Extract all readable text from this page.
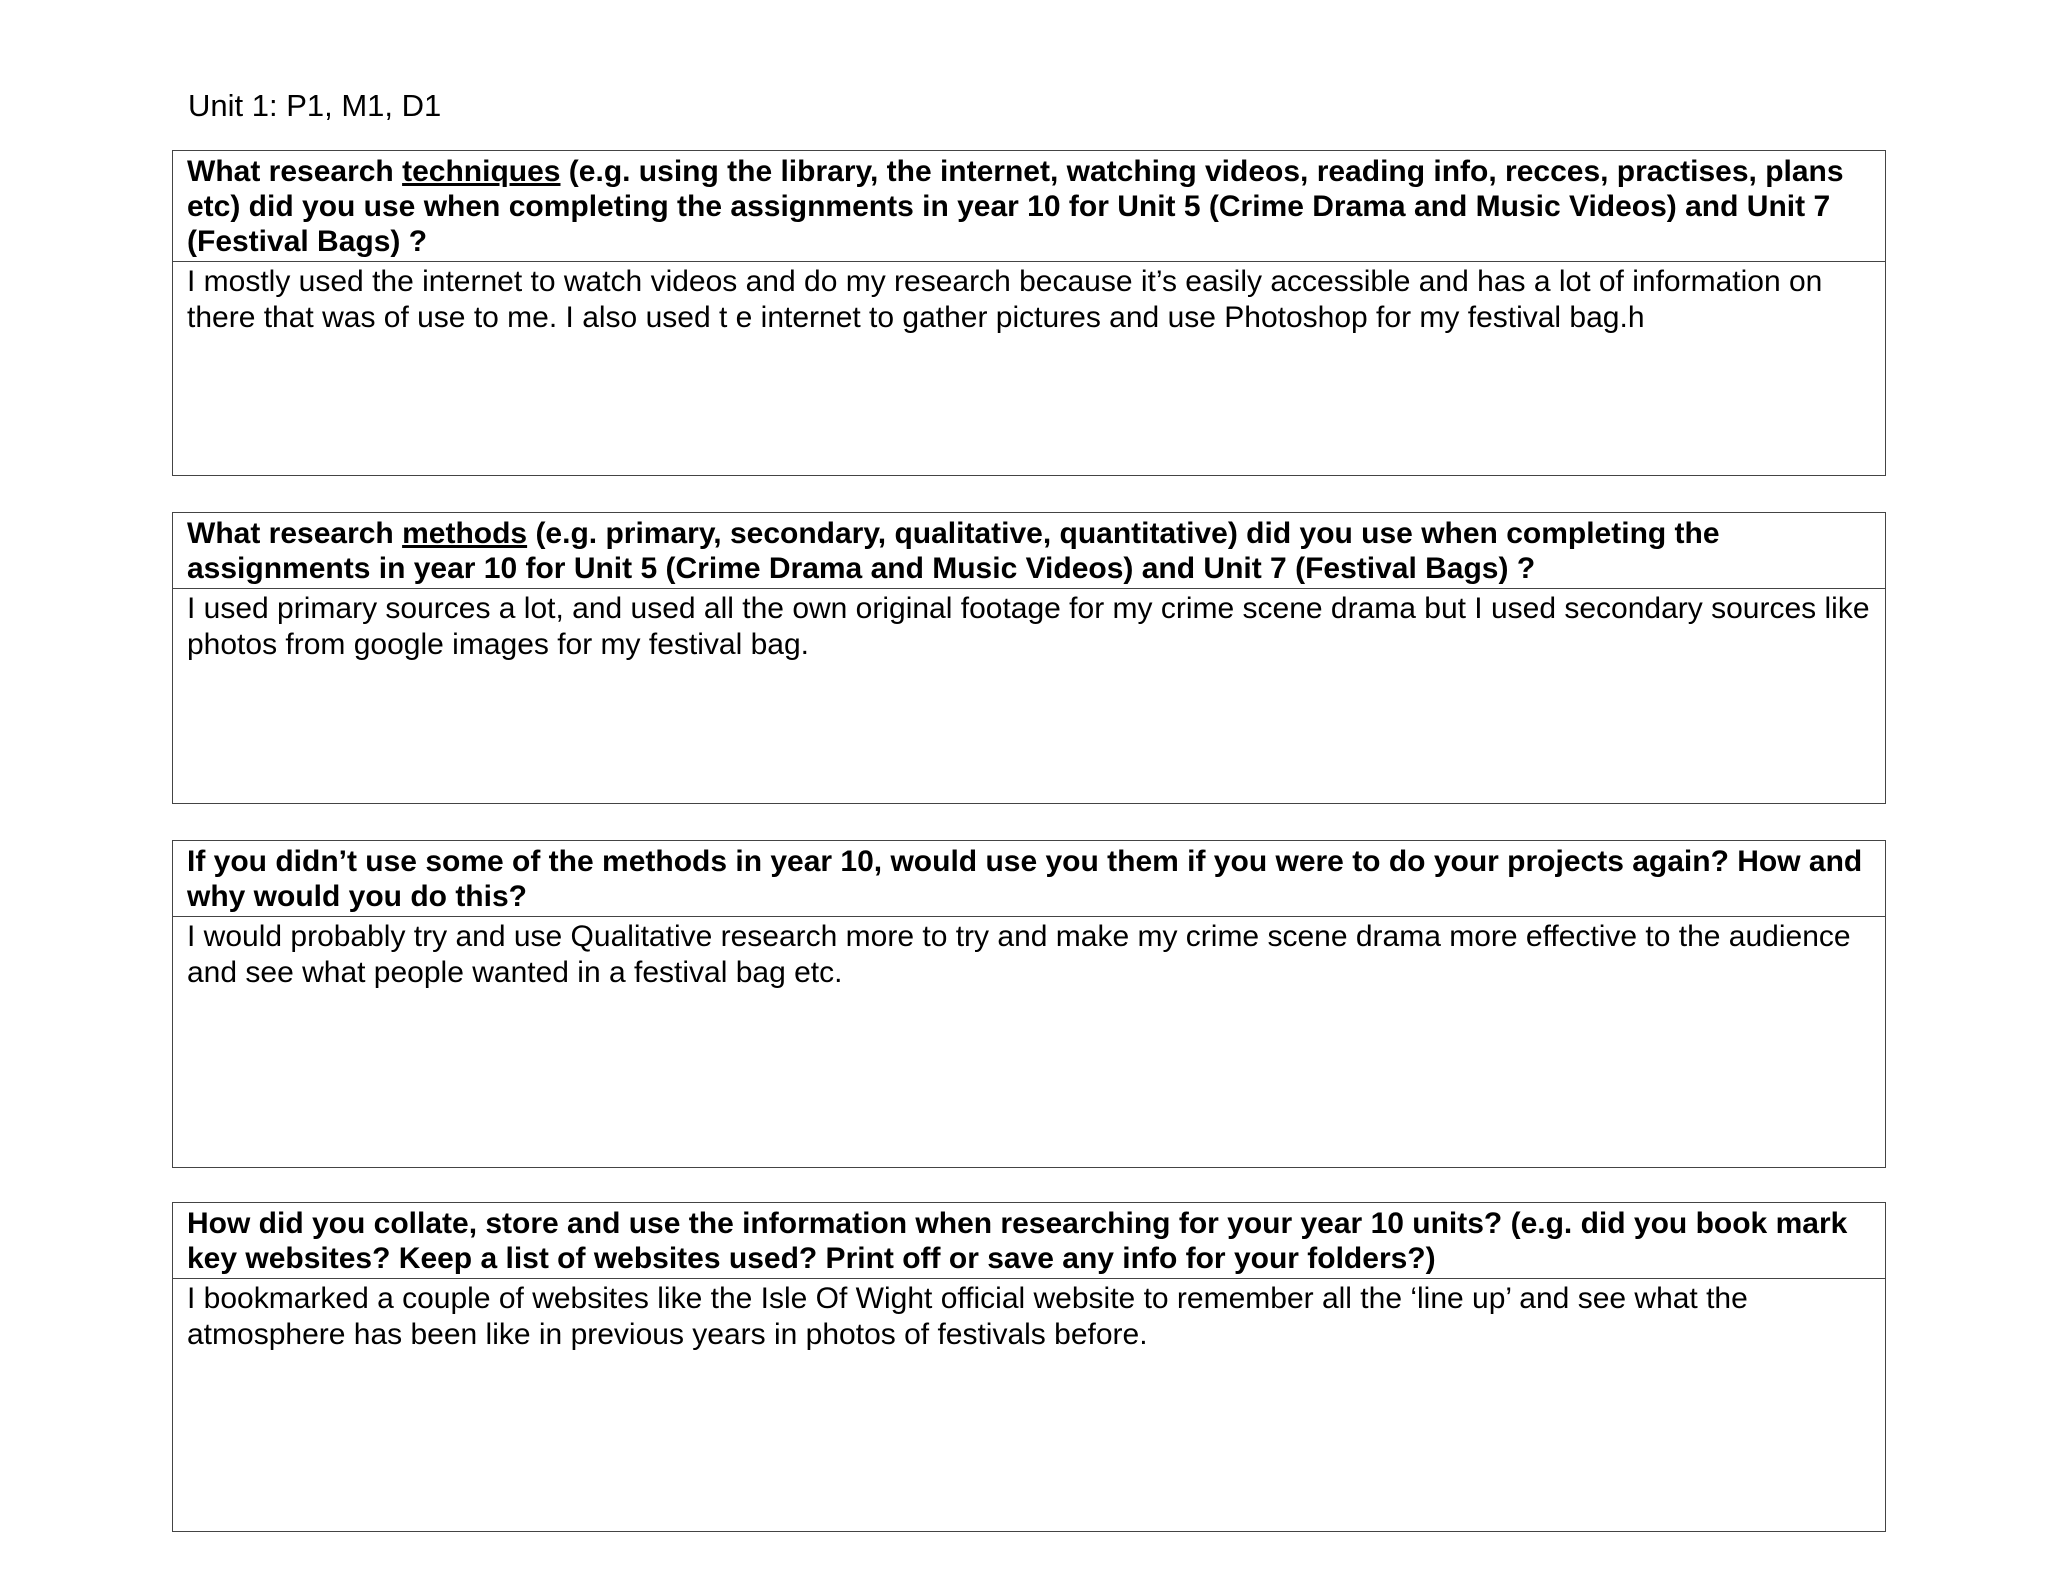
Unit 1: P1, M1, D1

What research techniques (e.g. using the library, the internet, watching videos, reading info, recces, practises, plans etc) did you use when completing the assignments in year 10 for Unit 5 (Crime Drama and Music Videos) and Unit 7 (Festival Bags) ?

I mostly used the internet to watch videos and do my research because it’s easily accessible and has a lot of information on there that was of use to me. I also used t e internet to gather pictures and use Photoshop for my festival bag.h

What research methods (e.g. primary, secondary, qualitative, quantitative) did you use when completing the assignments in year 10 for Unit 5 (Crime Drama and Music Videos) and Unit 7 (Festival Bags) ?

I used primary sources a lot, and used all the own original footage for my crime scene drama but I used secondary sources like photos from google images for my festival bag.

If you didn’t use some of the methods in year 10, would use you them if you were to do your projects again? How and why would you do this?

I would probably try and use Qualitative research more to try and make my crime scene drama more effective to the audience and see what people wanted in a festival bag etc.

How did you collate, store and use the information when researching for your year 10 units? (e.g. did you book mark key websites? Keep a list of websites used? Print off or save any info for your folders?)

I bookmarked a couple of websites like the Isle Of Wight official website to remember all the ‘line up’ and see what the atmosphere has been like in previous years in photos of festivals before.
